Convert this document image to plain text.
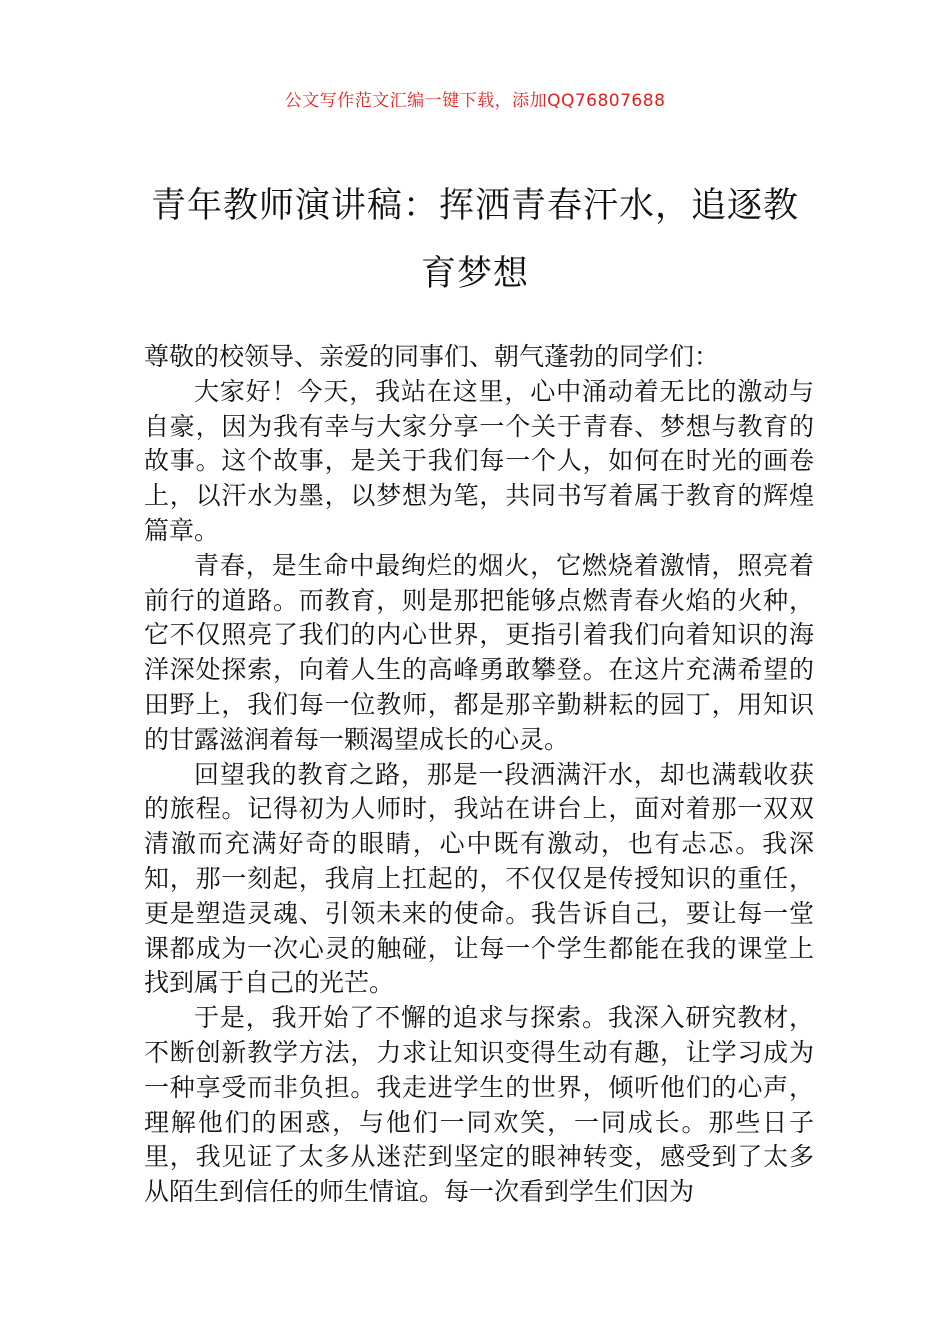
公文写作范文汇编一键下载，添加QQ76807688
青年教师演讲稿：挥洒青春汗水，追逐教育梦想

尊敬的校领导、亲爱的同事们、朝气蓬勃的同学们：

大家好！今天，我站在这里，心中涌动着无比的激动与自豪，因为我有幸与大家分享一个关于青春、梦想与教育的故事。这个故事，是关于我们每一个人，如何在时光的画卷上，以汗水为墨，以梦想为笔，共同书写着属于教育的辉煌篇章。

青春，是生命中最绚烂的烟火，它燃烧着激情，照亮着前行的道路。而教育，则是那把能够点燃青春火焰的火种，它不仅照亮了我们的内心世界，更指引着我们向着知识的海洋深处探索，向着人生的高峰勇敢攀登。在这片充满希望的田野上，我们每一位教师，都是那辛勤耕耘的园丁，用知识的甘露滋润着每一颗渴望成长的心灵。

回望我的教育之路，那是一段洒满汗水，却也满载收获的旅程。记得初为人师时，我站在讲台上，面对着那一双双清澈而充满好奇的眼睛，心中既有激动，也有忐忑。我深知，那一刻起，我肩上扛起的，不仅仅是传授知识的重任，更是塑造灵魂、引领未来的使命。我告诉自己，要让每一堂课都成为一次心灵的触碰，让每一个学生都能在我的课堂上找到属于自己的光芒。

于是，我开始了不懈的追求与探索。我深入研究教材，不断创新教学方法，力求让知识变得生动有趣，让学习成为一种享受而非负担。我走进学生的世界，倾听他们的心声，理解他们的困惑，与他们一同欢笑，一同成长。那些日子里，我见证了太多从迷茫到坚定的眼神转变，感受到了太多从陌生到信任的师生情谊。每一次看到学生们因为
